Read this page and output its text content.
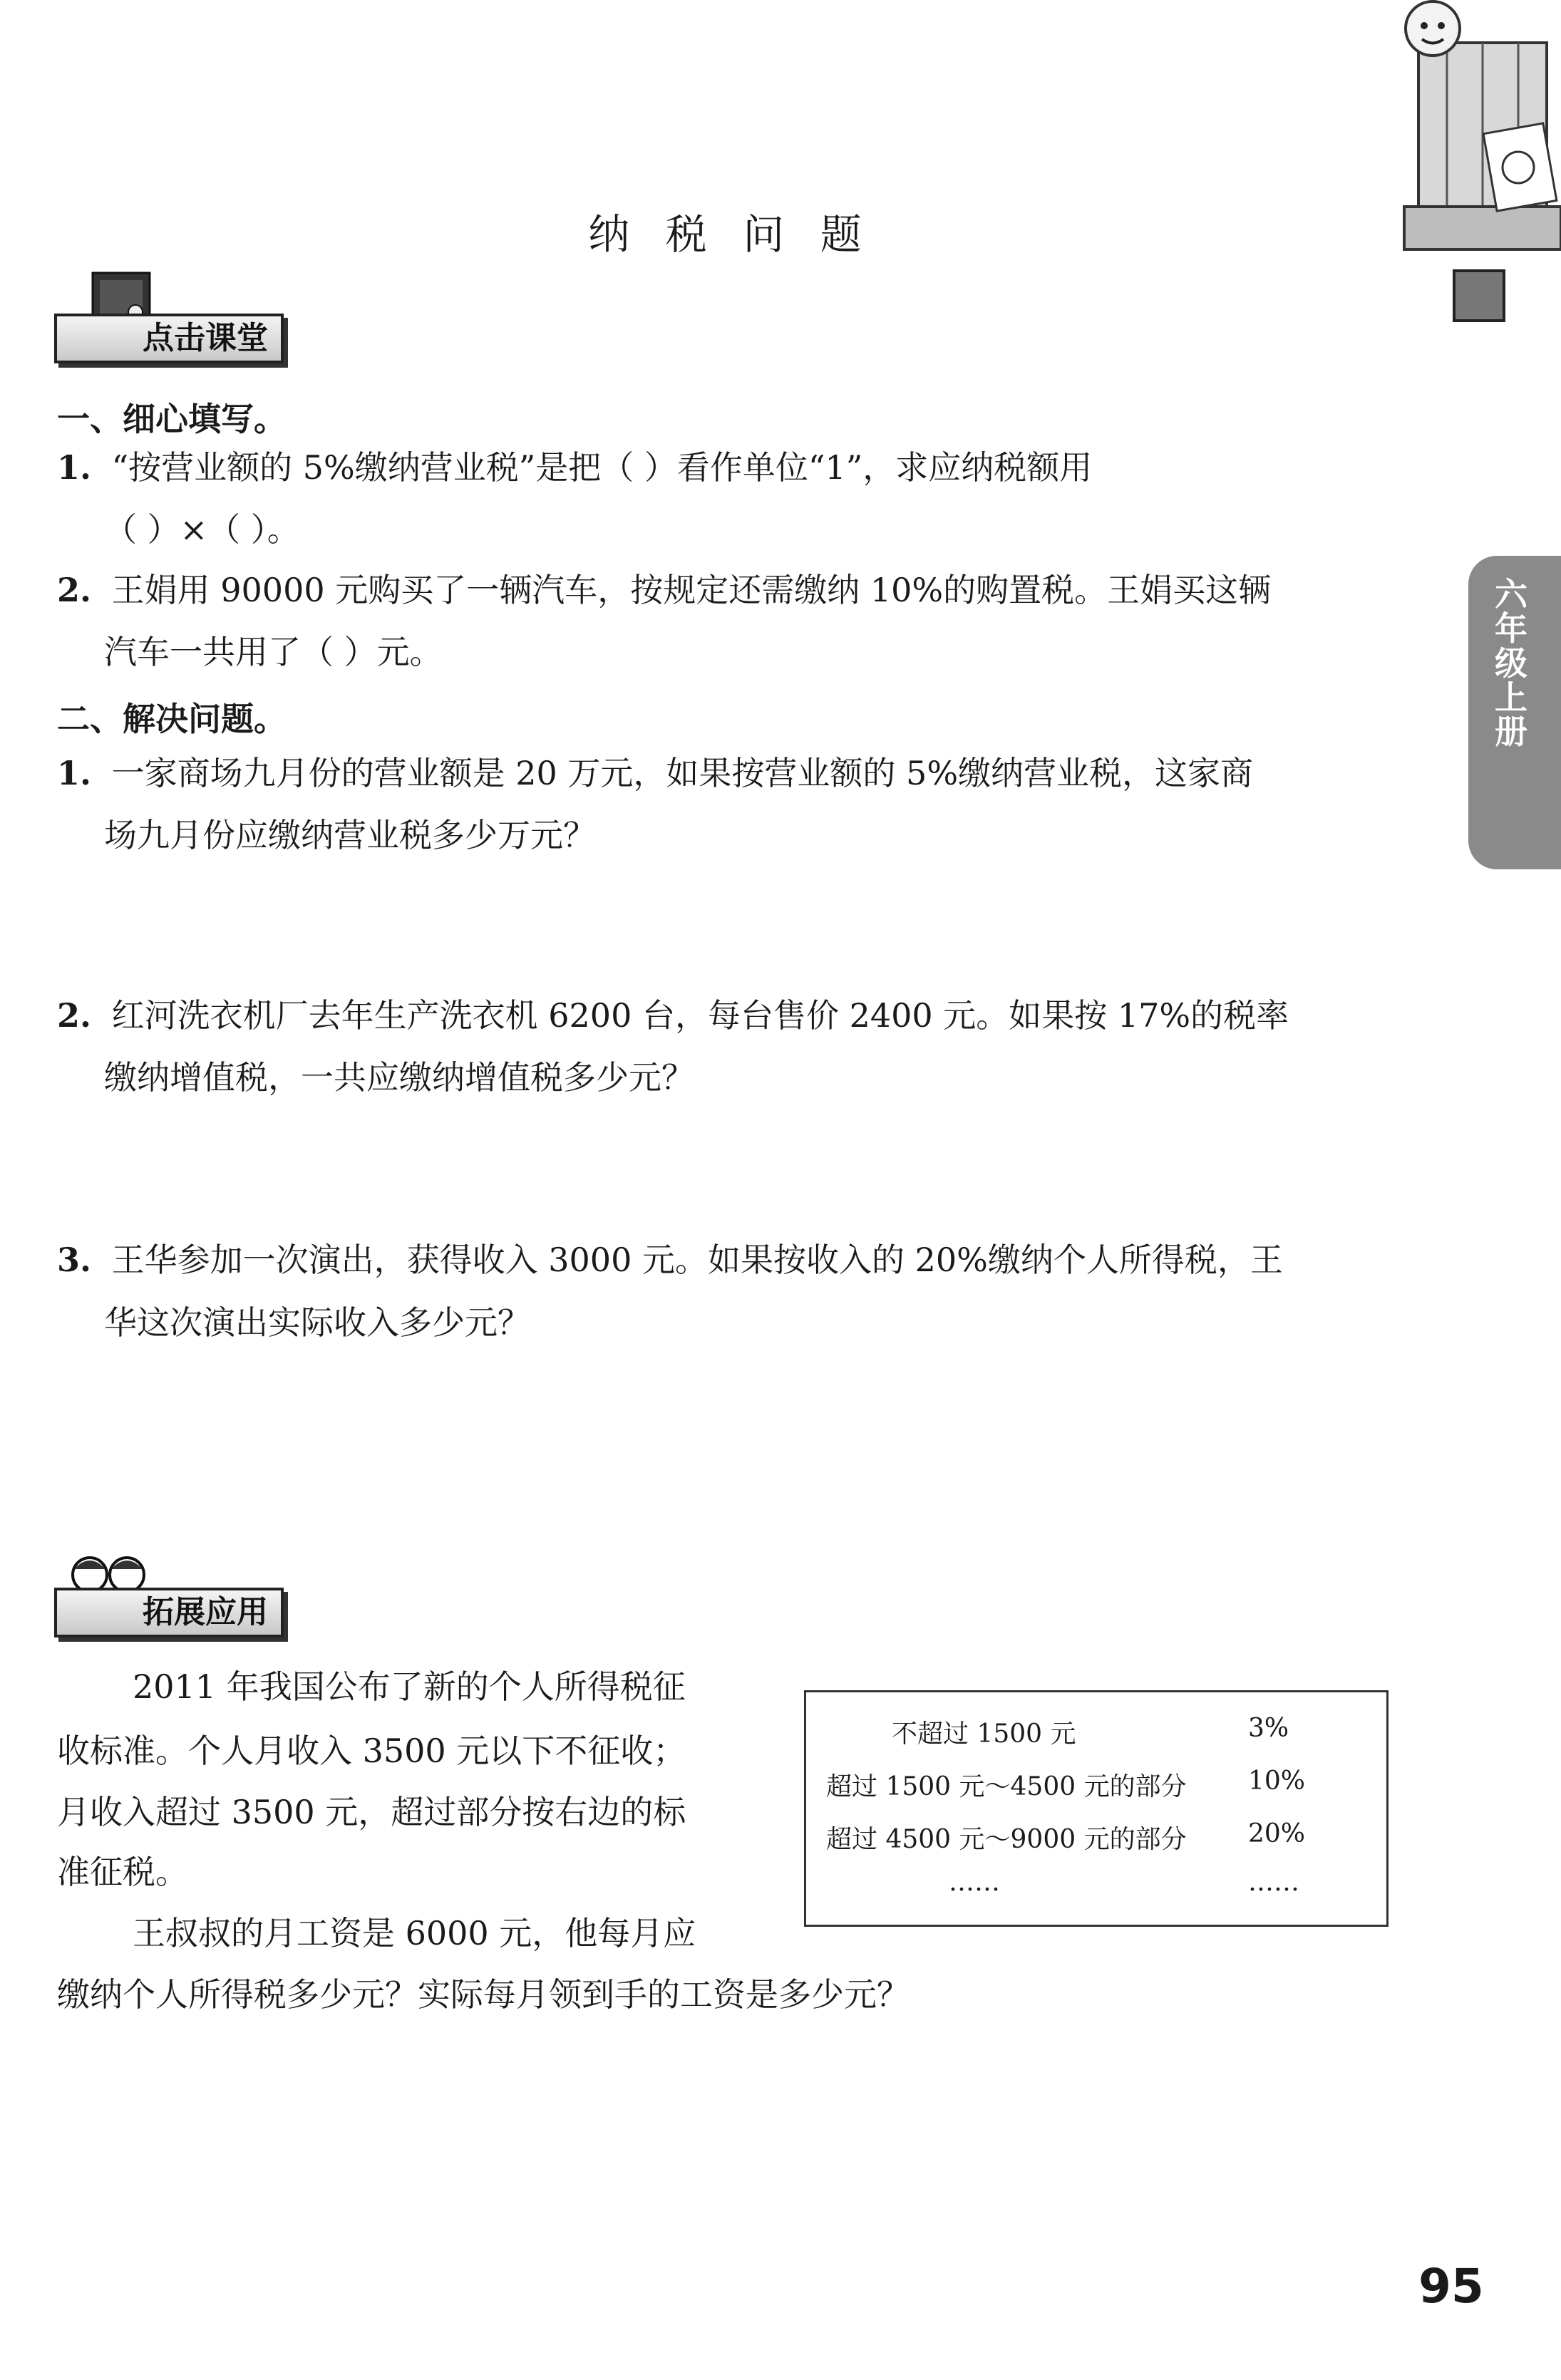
六
年
级
上
册
纳 税 问 题
点击课堂
一、细心填写。
1. “按营业额的 5%缴纳营业税”是把（ ）看作单位“1”，求应纳税额用
（ ）×（ ）。
2. 王娟用 90000 元购买了一辆汽车，按规定还需缴纳 10%的购置税。王娟买这辆
汽车一共用了（ ）元。
二、解决问题。
1. 一家商场九月份的营业额是 20 万元，如果按营业额的 5%缴纳营业税，这家商
场九月份应缴纳营业税多少万元？
2. 红河洗衣机厂去年生产洗衣机 6200 台，每台售价 2400 元。如果按 17%的税率
缴纳增值税，一共应缴纳增值税多少元？
3. 王华参加一次演出，获得收入 3000 元。如果按收入的 20%缴纳个人所得税，王
华这次演出实际收入多少元？
拓展应用
2011 年我国公布了新的个人所得税征
收标准。个人月收入 3500 元以下不征收；
月收入超过 3500 元，超过部分按右边的标
准征税。
王叔叔的月工资是 6000 元，他每月应
缴纳个人所得税多少元？实际每月领到手的工资是多少元？
不超过 1500 元	3%
超过 1500 元～4500 元的部分 10%
超过 4500 元～9000 元的部分 20%
……	……
95
